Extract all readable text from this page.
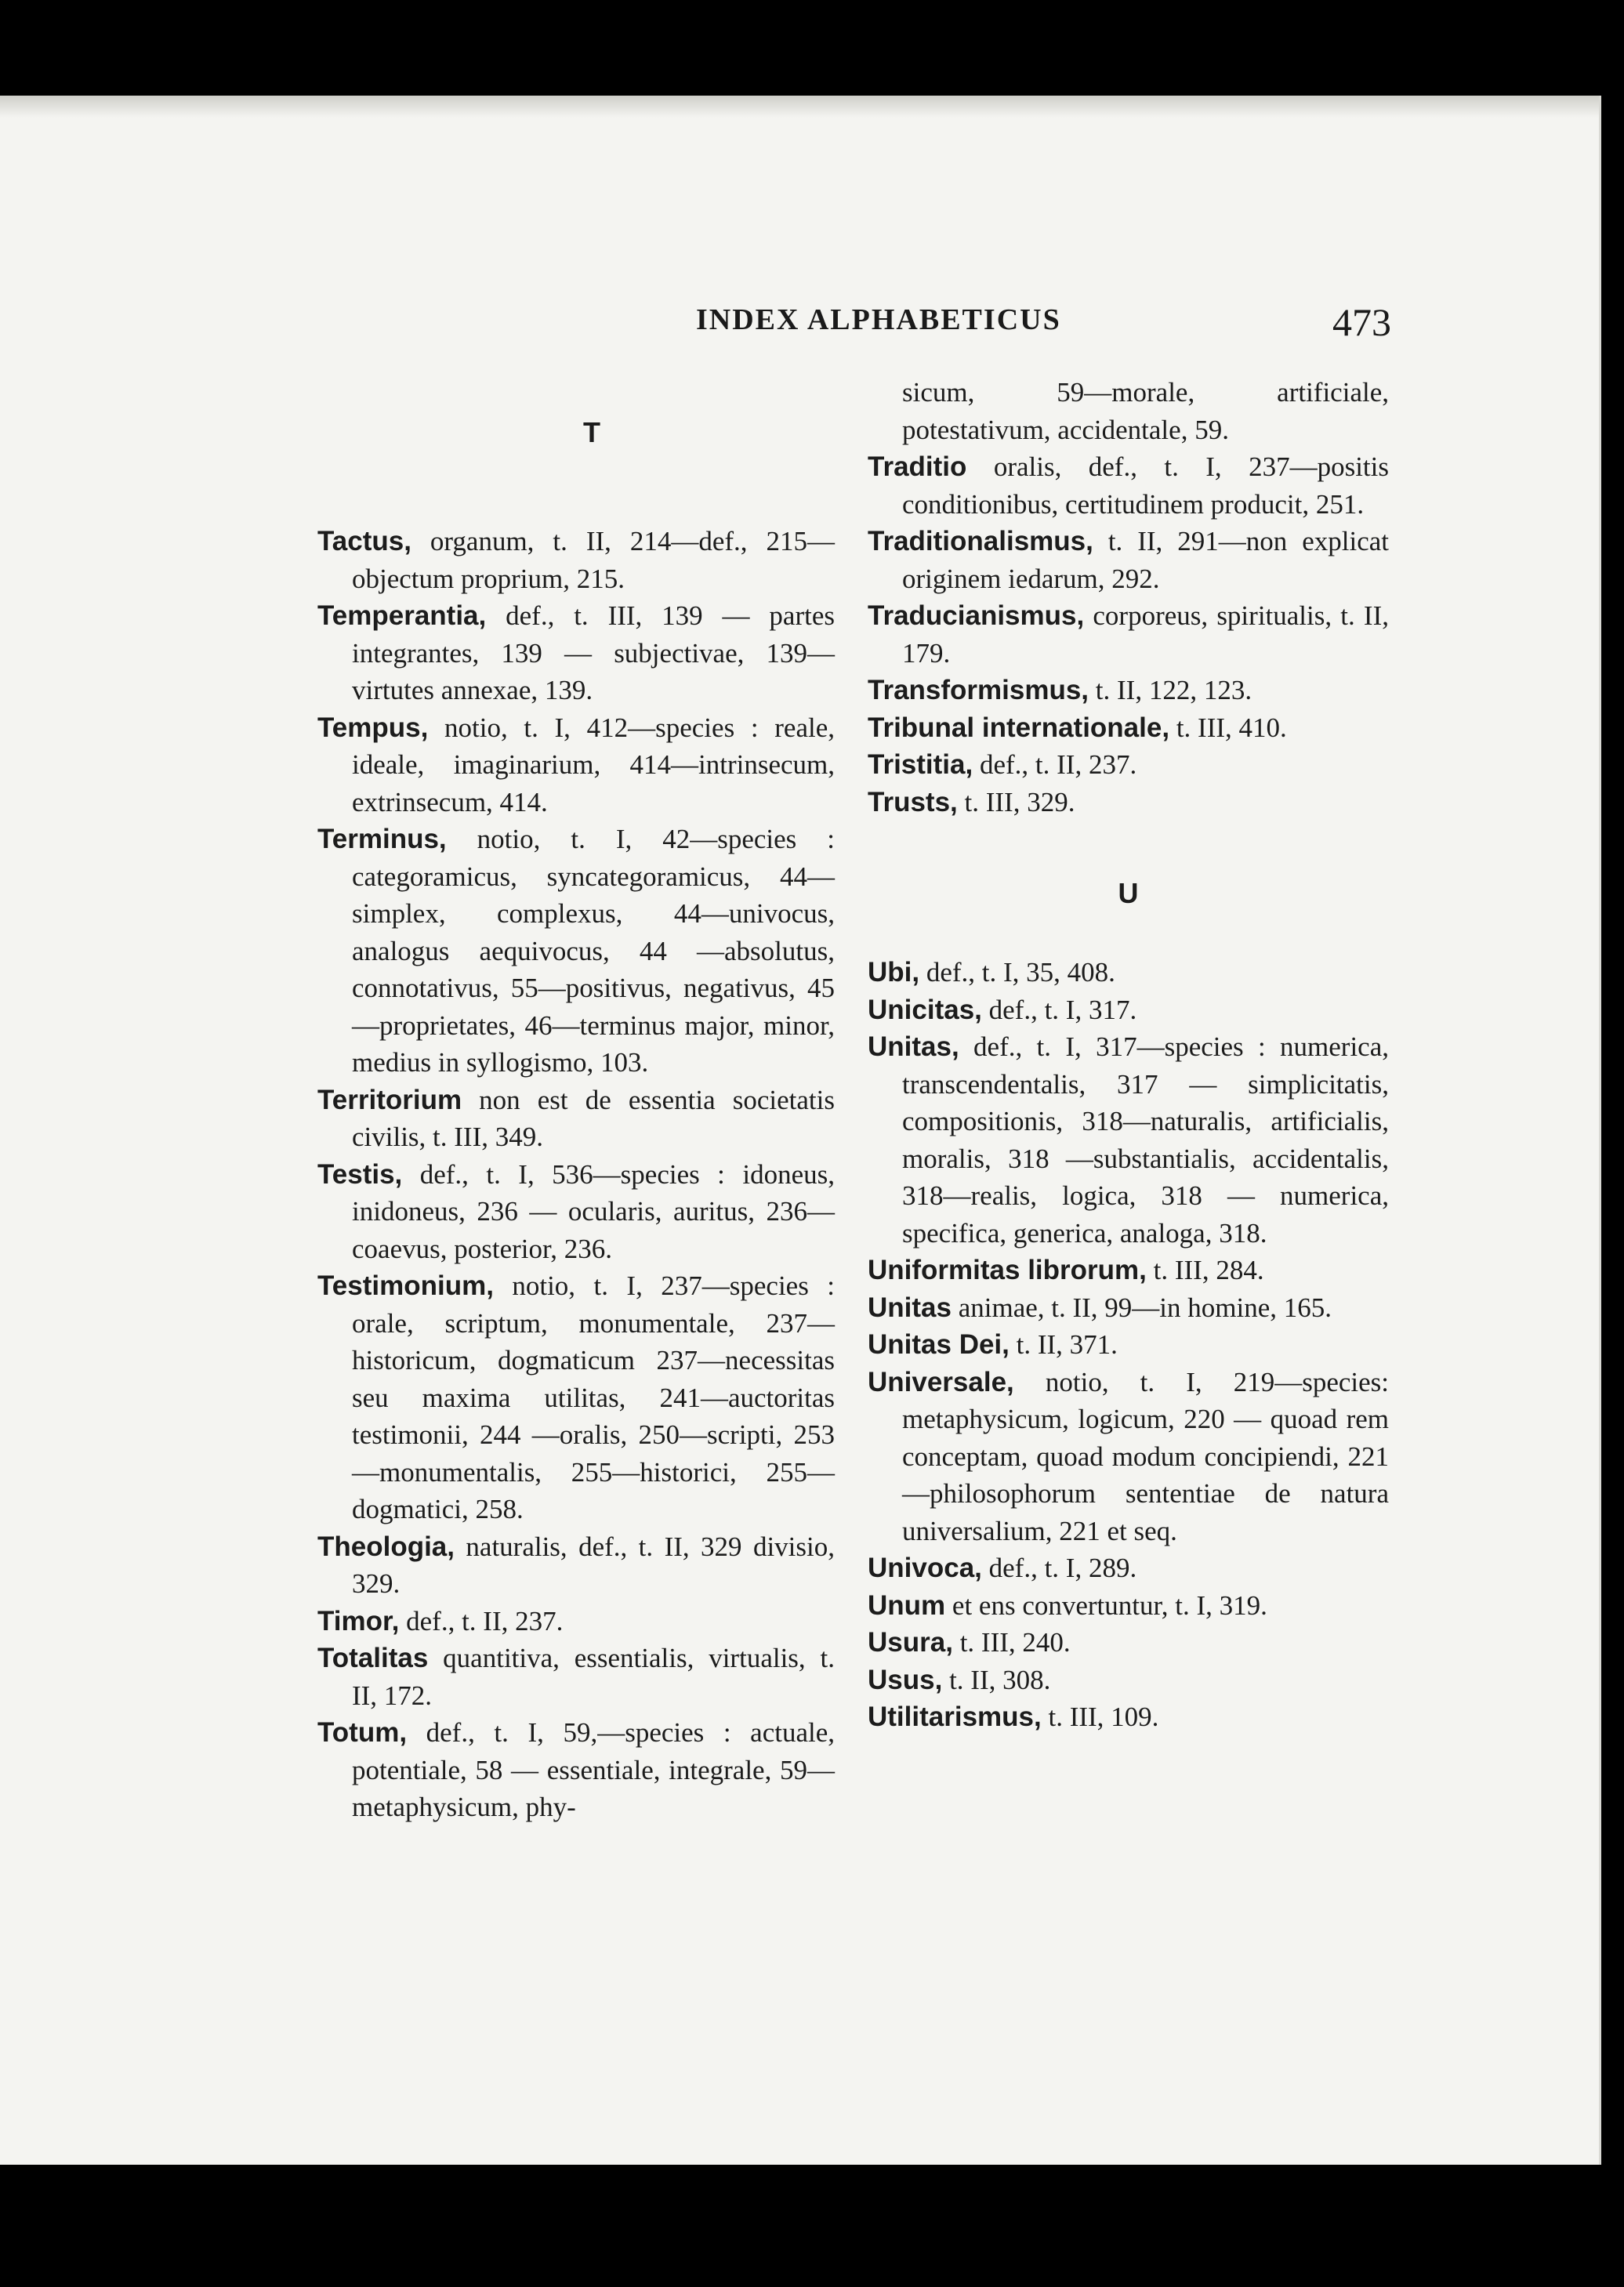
INDEX ALPHABETICUS	473
T

Tactus, organum, t. II, 214—def., 215—objectum proprium, 215.

Temperantia, def., t. III, 139 — partes integrantes, 139 — subjectivae, 139—virtutes annexae, 139.

Tempus, notio, t. I, 412—species : reale, ideale, imaginarium, 414—intrinsecum, extrinsecum, 414.

Terminus, notio, t. I, 42—species : categoramicus, syncategoramicus, 44—simplex, complexus, 44—univocus, analogus aequivocus, 44 —absolutus, connotativus, 55—positivus, negativus, 45—proprietates, 46—terminus major, minor, medius in syllogismo, 103.

Territorium non est de essentia societatis civilis, t. III, 349.

Testis, def., t. I, 536—species : idoneus, inidoneus, 236 — ocularis, auritus, 236—coaevus, posterior, 236.

Testimonium, notio, t. I, 237—species : orale, scriptum, monumentale, 237—historicum, dogmaticum 237—necessitas seu maxima utilitas, 241—auctoritas testimonii, 244 —oralis, 250—scripti, 253—monumentalis, 255—historici, 255—dogmatici, 258.

Theologia, naturalis, def., t. II, 329 divisio, 329.

Timor, def., t. II, 237.

Totalitas quantitiva, essentialis, virtualis, t. II, 172.

Totum, def., t. I, 59,—species : actuale, potentiale, 58 — essentiale, integrale, 59—metaphysicum, phy-

sicum, 59—morale, artificiale, potestativum, accidentale, 59.

Traditio oralis, def., t. I, 237—positis conditionibus, certitudinem producit, 251.

Traditionalismus, t. II, 291—non explicat originem iedarum, 292.

Traducianismus, corporeus, spiritualis, t. II, 179.

Transformismus, t. II, 122, 123.

Tribunal internationale, t. III, 410.

Tristitia, def., t. II, 237.

Trusts, t. III, 329.

U

Ubi, def., t. I, 35, 408.

Unicitas, def., t. I, 317.

Unitas, def., t. I, 317—species : numerica, transcendentalis, 317 — simplicitatis, compositionis, 318—naturalis, artificialis, moralis, 318 —substantialis, accidentalis, 318—realis, logica, 318 — numerica, specifica, generica, analoga, 318.

Uniformitas librorum, t. III, 284.

Unitas animae, t. II, 99—in homine, 165.

Unitas Dei, t. II, 371.

Universale, notio, t. I, 219—species: metaphysicum, logicum, 220 — quoad rem conceptam, quoad modum concipiendi, 221—philosophorum sententiae de natura universalium, 221 et seq.

Univoca, def., t. I, 289.

Unum et ens convertuntur, t. I, 319.

Usura, t. III, 240.

Usus, t. II, 308.

Utilitarismus, t. III, 109.
